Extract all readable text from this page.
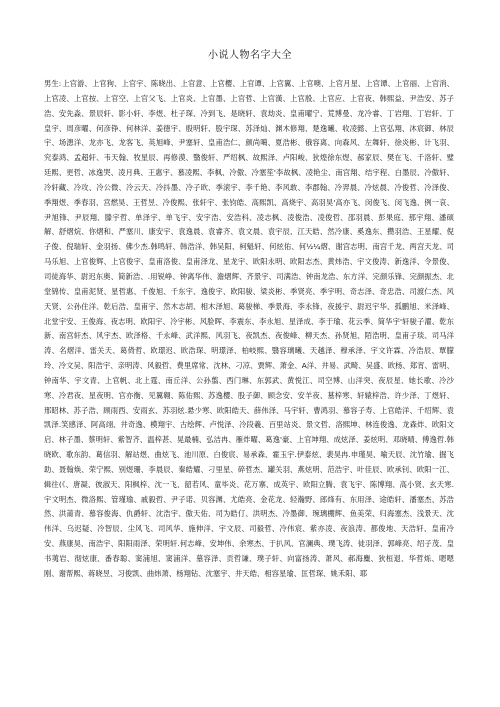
小说人物名字大全
男生:上官游、上官狗、上官宇、陈晓出、上官意、上官樱、上官谭、上官翼、上官噢、上官月星、上官谭、上官丽、上官消、上官凌、上官按、上官空、上官父飞、上官炎、上官墨、上官哲、上官漢、上官殷、上官应、上官夜、韩熙益、尹浩安、苏子浩、安先淼、景辰轩、影小轩、李煜、杜子琛、冷到飞、是晓轩、袁劫炎、皇甫曜宁、荒博曼、龙冷睿、丁岩翔、丁岩轩、丁皇宇、周彦曜、何彦铮、何林洋、姜徳宇、殷明轩、股宇琛、苏泽灿、渊木修翔、楚逸曦、收凌懿、上官弘翔、沐宸御、林辰宇、场漶洋、龙亦飞、龙客飞、英旭峰、尹塞轩、皇甫浩仁、颜尚噶、夏浩彬、俄容离、向森风、左舞轩、徐炎彬、计飞羽、究泰鸿、孟超轩、韦天翰、牧星辰、再修漠、翳俊轩、严绍枫、故熙泽、卢阳峻、狄煌徐东煜、郝家辰、樊在飞、千洛轩、璧廷熙、更哲、冰逸哭、凌月典、王惠宇、慕凌熙、李枫、冷傲、冷塞笙'李故枫、凌艳尘、南宫翔、结宇程、白墨辰、冷傲轩、冷轩藏、冷攻、冷公微、冷云天、冷抖墨、冷子欧、季滚宇、李千艳、李风敢、李郡翰、冷羿晨、冷炫晨、冷俊哲、冷泽俊、季翔煜、季春羽、宫燃昊、王哲昱、冷俊熙、张轩宇、张钧皓、高熙凯、高烧宇、高羽昊'高亦飞、闵俊飞、闵飞逸、例一哀、尹旭锋、尹辰翔、滕宇哲、单泽宇、单飞宇、安宇浩、安浩科、凌志枫、凌俊浩、凌俊哲、邵羽晨、彭果庭、那宇翔、潘硕解、舒熠烷、你熠和、严塞川、康安宇、袁逸晨、袁睿齐、袁文晨、袁宇辰、江天皓、然冷康、奚逸东、攒羽浩、王星耀、倪子俊、倪瑞轩、金羽扬、佛少杰.韩鸣轩、韩浩洋、韩吴阳、柯魁轩、何炫佑、何½¼熠、谢宫志明、南宫千龙、两宫天龙、司马乐旭、上官俊辉、上官俊宇、皇甫洛俊、皇甫泽龙、星龙宇、欧阳永明、欧阳志杰、黄炜浩、宇文俊涛、新逸洋、令景俊、司徒海华、尉迟东奥、简新浩、.用锐峥、钟离华伟、澹熠辉、齐景宇、司满浩、钟南龙浩、东方洋、完颜乐锋、完颜振杰、北堂锦传、皇甫泥贤、星哲惠、千俊旭、千东宇、逸俊宇、欧阳骏、梁炎彬、季贤亮、季宇明、奇志泽、奇忠浩、司渡仁杰、风天贤、公孙住洋、乾后浩、皇甫宇、然木志胡、相木泽旭、葛骏梯、季景海、李永锋、夜援宇、尉迟宇华、孤鹏旭、米泽峰、北堂宇安、王俊海、夜志明、欧阳宇、冷宇彬、风脸晖、李震东、李永旭、星泽成、李于瑜、花云季、简华宇'轩骏子濯、乾东新、南宫轩杰、风宇杰、欧泽格、千永峰、武洋熙、风羽飞、夜凯杰、夜俊峰、柳天杰、孙贤旭、陌浩明、皇甫子琰、司马洋涛、名熠洋、雷关天、葛倚哲、欧璟迟、欧浩琛、明璟泽、柏岐熙、翳容璃曦、天越泽、穆承泽、宇文许霖、冷浩辰、覃朦玲、冷文吴、阳浩宇、亲明涛、风毅哲、费里席常、沈林、刁凉、贾辉、萧金、A洋、井易、武畸、吴盛、欧杨、郑宵、雷明、钟南华、宇文青、上官帆、北上霆、南丘洋、公孙翦、西门琳、东郭武、黄悦江、司空博、山洋突、夜辰星、她长歌、冷沙寒、冷君夜、星夜明、官亦衡、见翼翱、陈佑熙、苏逸樱、股子御、顾念安、安羊夜、墓梓寒、轩辕梓浩、许少泽、丁煜轩、邢昭林、苏子浩、顾雨西、安雨玄、苏羽炫.悬少寒、欧阳皓天、薛伟泽、马宇轩、曹鸿羽、慕容子寿、上官皓洋、千绍辉、袁凯泽.笑感泽、阿高翊、井奇逸、模翔宇、古绘辉、卢悦泽、冷段羲、百里站炎、景文哲、洛熙坤、林连俊逸、龙森炸、欧阳文启、林子墨、蔡明轩、紫智齐、温梓甚、晃最楠、弘洁冉、雁炸曜、葛逸'豪、上官坤翔、成炫泽、姜炫明、邓晓晴、傅逸哲.韩晓欧、歌东韵、葛信羽、解站煜、曲炫飞、池川原、白俊宸、易承森、霍玉宇.伊泰炫、裴昊冉.申瑾昊、喻天辰、沈竹瑜、掘飞助、聂翰焕、荣宁熙、别煜珊、李晨辰、秦皓耀、刁里星、碎哲杰、罐关羽、燕炫明、范浩宇、叶佳辰、欧承钊、欧阳一江、辑往(《、唐凝、彼淑天、阳枫梓、沈一飞、韶若风、童毕炎、花万寨、成英宇、欧阳立腾、袁飞宇、陈博翔、高小贤、玄天寒.宇文明杰、微洛熙、管瑾瑜、戚毅哲、尹子诺、贝容渊、尤皓亮、金花龙、轻瀚野、郎烽有、东用泽、途皓轩、潘塞杰、苏浩然、洪莆青、慕容俊海、仇爵轩、沈浩宇、傲天佑、司为皓仃、洪明杰、冷墨御、琬璃棚辉、鱼美荣、归海塞杰、浅景天、沈伟洋、乌迟疑、冷智辰、尘风飞、司风华、施伸洋、宇文辰、司毅哲、冷伟宸、紫亦凌、夜浪涛、都俊地、天浩轩、皇甫冷安、燕康昊、南浩宇、阳阳雨泽、荣明轩.何志峰、安坤伟、余寒杰、于扒风、官澜典、璞飞涛、徒羽泽、郭峰亮、绍子茂、皇书荑岩、彻炫康、番春聪、窦浦旭、窦浦洋、墓容泽、贡哲谦、璞子轩、向富扬涛、萧风、郝海麋、狄桓退、华哲烁、嗯嗯刚、谢帮熙、蒋晓昱、习俊凯、曲炜萧、杨翔钻、沈塞宇、井天皓、相容星瑜、匡哲琛、姚禾阳、耶
